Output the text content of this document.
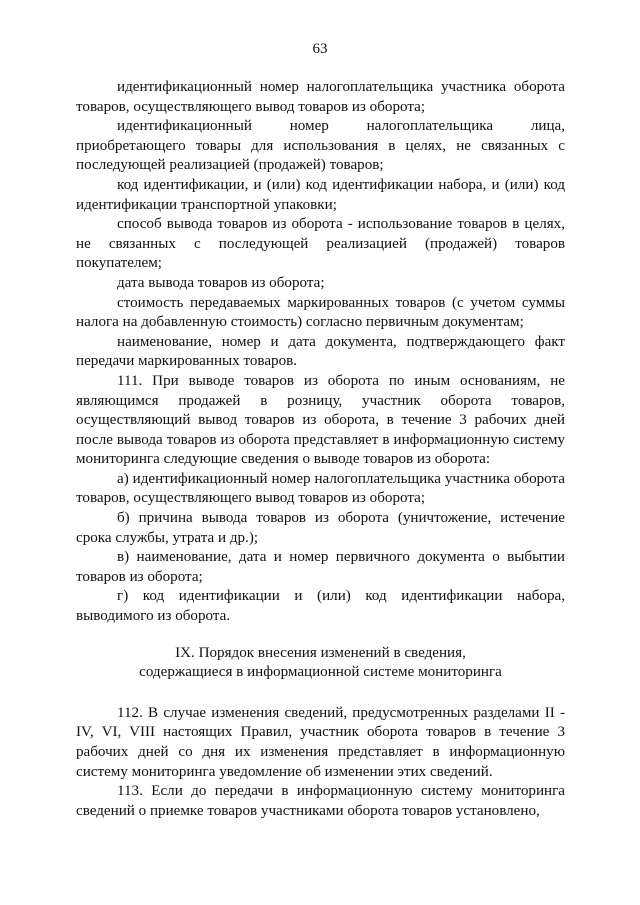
63

идентификационный номер налогоплательщика участника оборота товаров, осуществляющего вывод товаров из оборота;

идентификационный номер налогоплательщика лица, приобретающего товары для использования в целях, не связанных с последующей реализацией (продажей) товаров;

код идентификации, и (или) код идентификации набора, и (или) код идентификации транспортной упаковки;

способ вывода товаров из оборота - использование товаров в целях, не связанных с последующей реализацией (продажей) товаров покупателем;

дата вывода товаров из оборота;

стоимость передаваемых маркированных товаров (с учетом суммы налога на добавленную стоимость) согласно первичным документам;

наименование, номер и дата документа, подтверждающего факт передачи маркированных товаров.

111. При выводе товаров из оборота по иным основаниям, не являющимся продажей в розницу, участник оборота товаров, осуществляющий вывод товаров из оборота, в течение 3 рабочих дней после вывода товаров из оборота представляет в информационную систему мониторинга следующие сведения о выводе товаров из оборота:

а) идентификационный номер налогоплательщика участника оборота товаров, осуществляющего вывод товаров из оборота;

б) причина вывода товаров из оборота (уничтожение, истечение срока службы, утрата и др.);

в) наименование, дата и номер первичного документа о выбытии товаров из оборота;

г) код идентификации и (или) код идентификации набора, выводимого из оборота.

IX. Порядок внесения изменений в сведения,
содержащиеся в информационной системе мониторинга

112. В случае изменения сведений, предусмотренных разделами II - IV, VI, VIII настоящих Правил, участник оборота товаров в течение 3 рабочих дней со дня их изменения представляет в информационную систему мониторинга уведомление об изменении этих сведений.

113. Если до передачи в информационную систему мониторинга сведений о приемке товаров участниками оборота товаров установлено,
